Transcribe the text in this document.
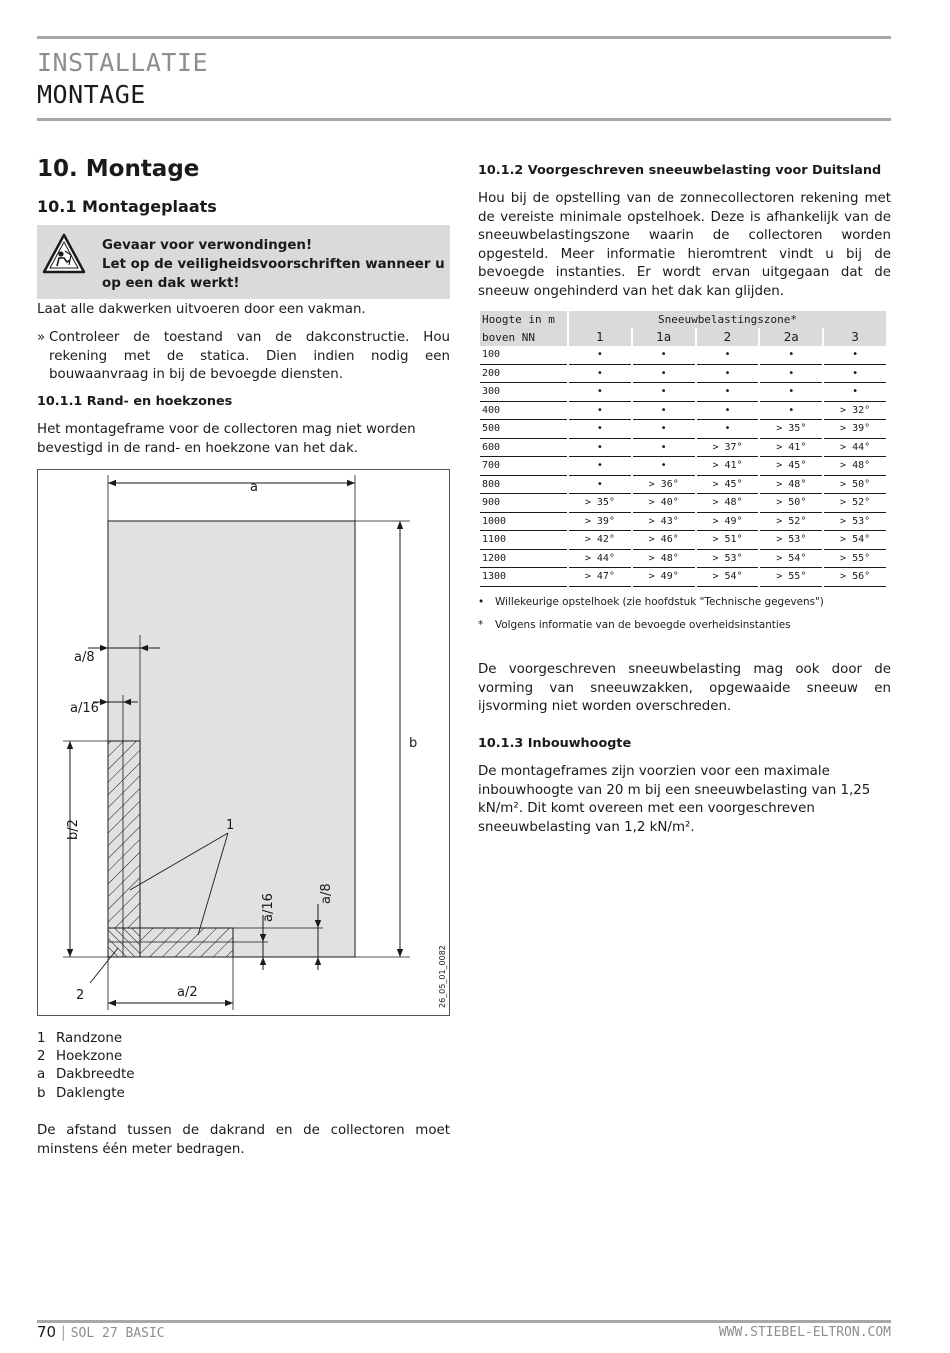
INSTALLATIE
MONTAGE
10. Montage
10.1 Montageplaats
Gevaar voor verwondingen!
Let op de veiligheidsvoorschriften wanneer u op een dak werkt!
Laat alle dakwerken uitvoeren door een vakman.
» Controleer de toestand van de dakconstructie. Hou rekening met de statica. Dien indien nodig een bouwaanvraag in bij de bevoegde diensten.
10.1.1 Rand- en hoekzones
Het montageframe voor de collectoren mag niet worden bevestigd in de rand- en hoekzone van het dak.
a
b
a/8
a/16
b/2	1
2	a/2
a/16	a/8
26_05_01_0082
1 Randzone
2 Hoekzone
a Dakbreedte
b Daklengte
De afstand tussen de dakrand en de collectoren moet minstens één meter bedragen.
10.1.2 Voorgeschreven sneeuwbelasting voor Duitsland
Hou bij de opstelling van de zonnecollectoren rekening met de vereiste minimale opstelhoek. Deze is afhankelijk van de sneeuwbelastingszone waarin de collectoren worden opgesteld. Meer informatie hieromtrent vindt u bij de bevoegde instanties. Er wordt ervan uitgegaan dat de sneeuw ongehinderd van het dak kan glijden.
Hoogte in m	Sneeuwbelastingszone*				
boven NN	1	1a	2	2a	3
100	•	•	•	•	•
200	•	•	•	•	•
300	•	•	•	•	•
400	•	•	•	•	> 32°
500	•	•	•	> 35°	> 39°
600	•	•	> 37°	> 41°	> 44°
700	•	•	> 41°	> 45°	> 48°
800	•	> 36°	> 45°	> 48°	> 50°
900	> 35°	> 40°	> 48°	> 50°	> 52°
1000	> 39°	> 43°	> 49°	> 52°	> 53°
1100	> 42°	> 46°	> 51°	> 53°	> 54°
1200	> 44°	> 48°	> 53°	> 54°	> 55°
1300	> 47°	> 49°	> 54°	> 55°	> 56°
• Willekeurige opstelhoek (zie hoofdstuk "Technische gegevens")
* Volgens informatie van de bevoegde overheidsinstanties
De voorgeschreven sneeuwbelasting mag ook door de vorming van sneeuwzakken, opgewaaide sneeuw en ijsvorming niet worden overschreden.
10.1.3 Inbouwhoogte
De montageframes zijn voorzien voor een maximale inbouwhoogte van 20 m bij een sneeuwbelasting van 1,25 kN/m². Dit komt overeen met een voorgeschreven sneeuwbelasting van 1,2 kN/m².
70 | SOL 27 BASIC	WWW.STIEBEL-ELTRON.COM
